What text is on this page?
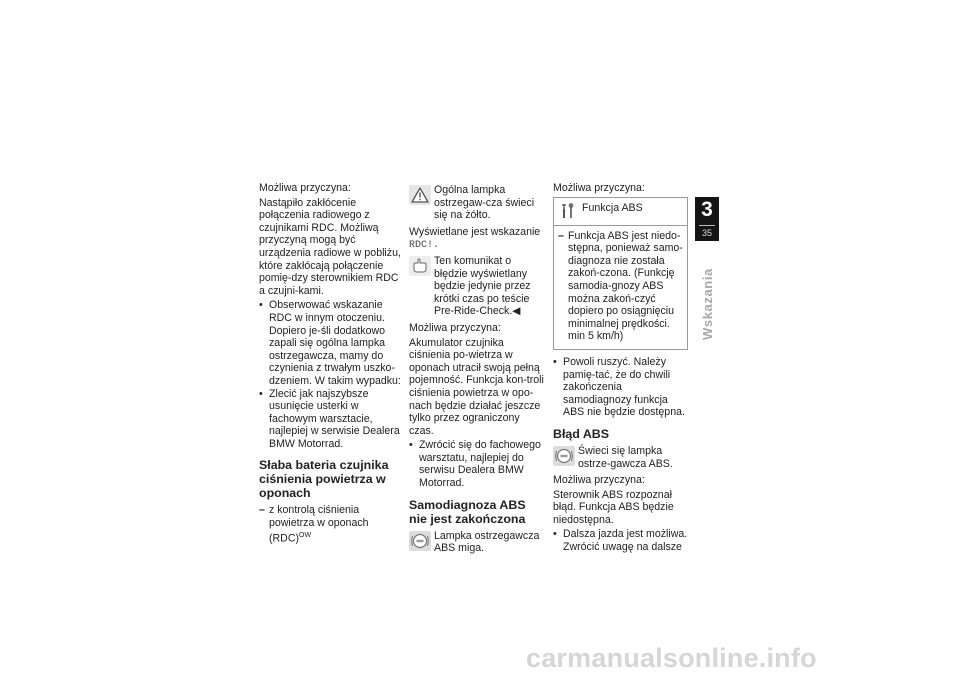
Możliwa przyczyna:

Nastąpiło zakłócenie połączenia radiowego z czujnikami RDC. Możliwą przyczyną mogą być urządzenia radiowe w pobliżu, które zakłócają połączenie pomię-dzy sterownikiem RDC a czujni-kami.

• Obserwować wskazanie RDC w innym otoczeniu. Dopiero je-śli dodatkowo zapali się ogólna lampka ostrzegawcza, mamy do czynienia z trwałym uszko-dzeniem. W takim wypadku:
• Zlecić jak najszybsze usunięcie usterki w fachowym warsztacie, najlepiej w serwisie Dealera BMW Motorrad.
Słaba bateria czujnika ciśnienia powietrza w oponach

– z kontrolą ciśnienia powietrza w oponach (RDC)$^{OW}$

Ogólna lampka ostrzegaw-cza świeci się na żółto.

Wyświetlane jest wskazanie

RDC!.

Ten komunikat o błędzie wyświetlany będzie jedynie przez krótki czas po teście Pre-Ride-Check.◀

Możliwa przyczyna:

Akumulator czujnika ciśnienia po-wietrza w oponach utracił swoją pełną pojemność. Funkcja kon-troli ciśnienia powietrza w opo-nach będzie działać jeszcze tylko przez ograniczony czas.

• Zwrócić się do fachowego warsztatu, najlepiej do serwisu Dealera BMW Motorrad.
Samodiagnoza ABS nie jest zakończona
Lampka ostrzegawcza ABS miga.

Możliwa przyczyna:

Funkcja ABS

– Funkcja ABS jest niedo-stępna, ponieważ samo-diagnoza nie została zakoń-czona. (Funkcję samodia-gnozy ABS można zakoń-czyć dopiero po osiągnięciu minimalnej prędkości. min 5 km/h)

• Powoli ruszyć. Należy pamię-tać, że do chwili zakończenia samodiagnozy funkcja ABS nie będzie dostępna.
Błąd ABS
Świeci się lampka ostrze-gawcza ABS.

Możliwa przyczyna:

Sterownik ABS rozpoznał błąd. Funkcja ABS będzie niedostępna.

• Dalsza jazda jest możliwa. Zwrócić uwagę na dalsze
3
35
Wskazania
carmanualsonline.info
